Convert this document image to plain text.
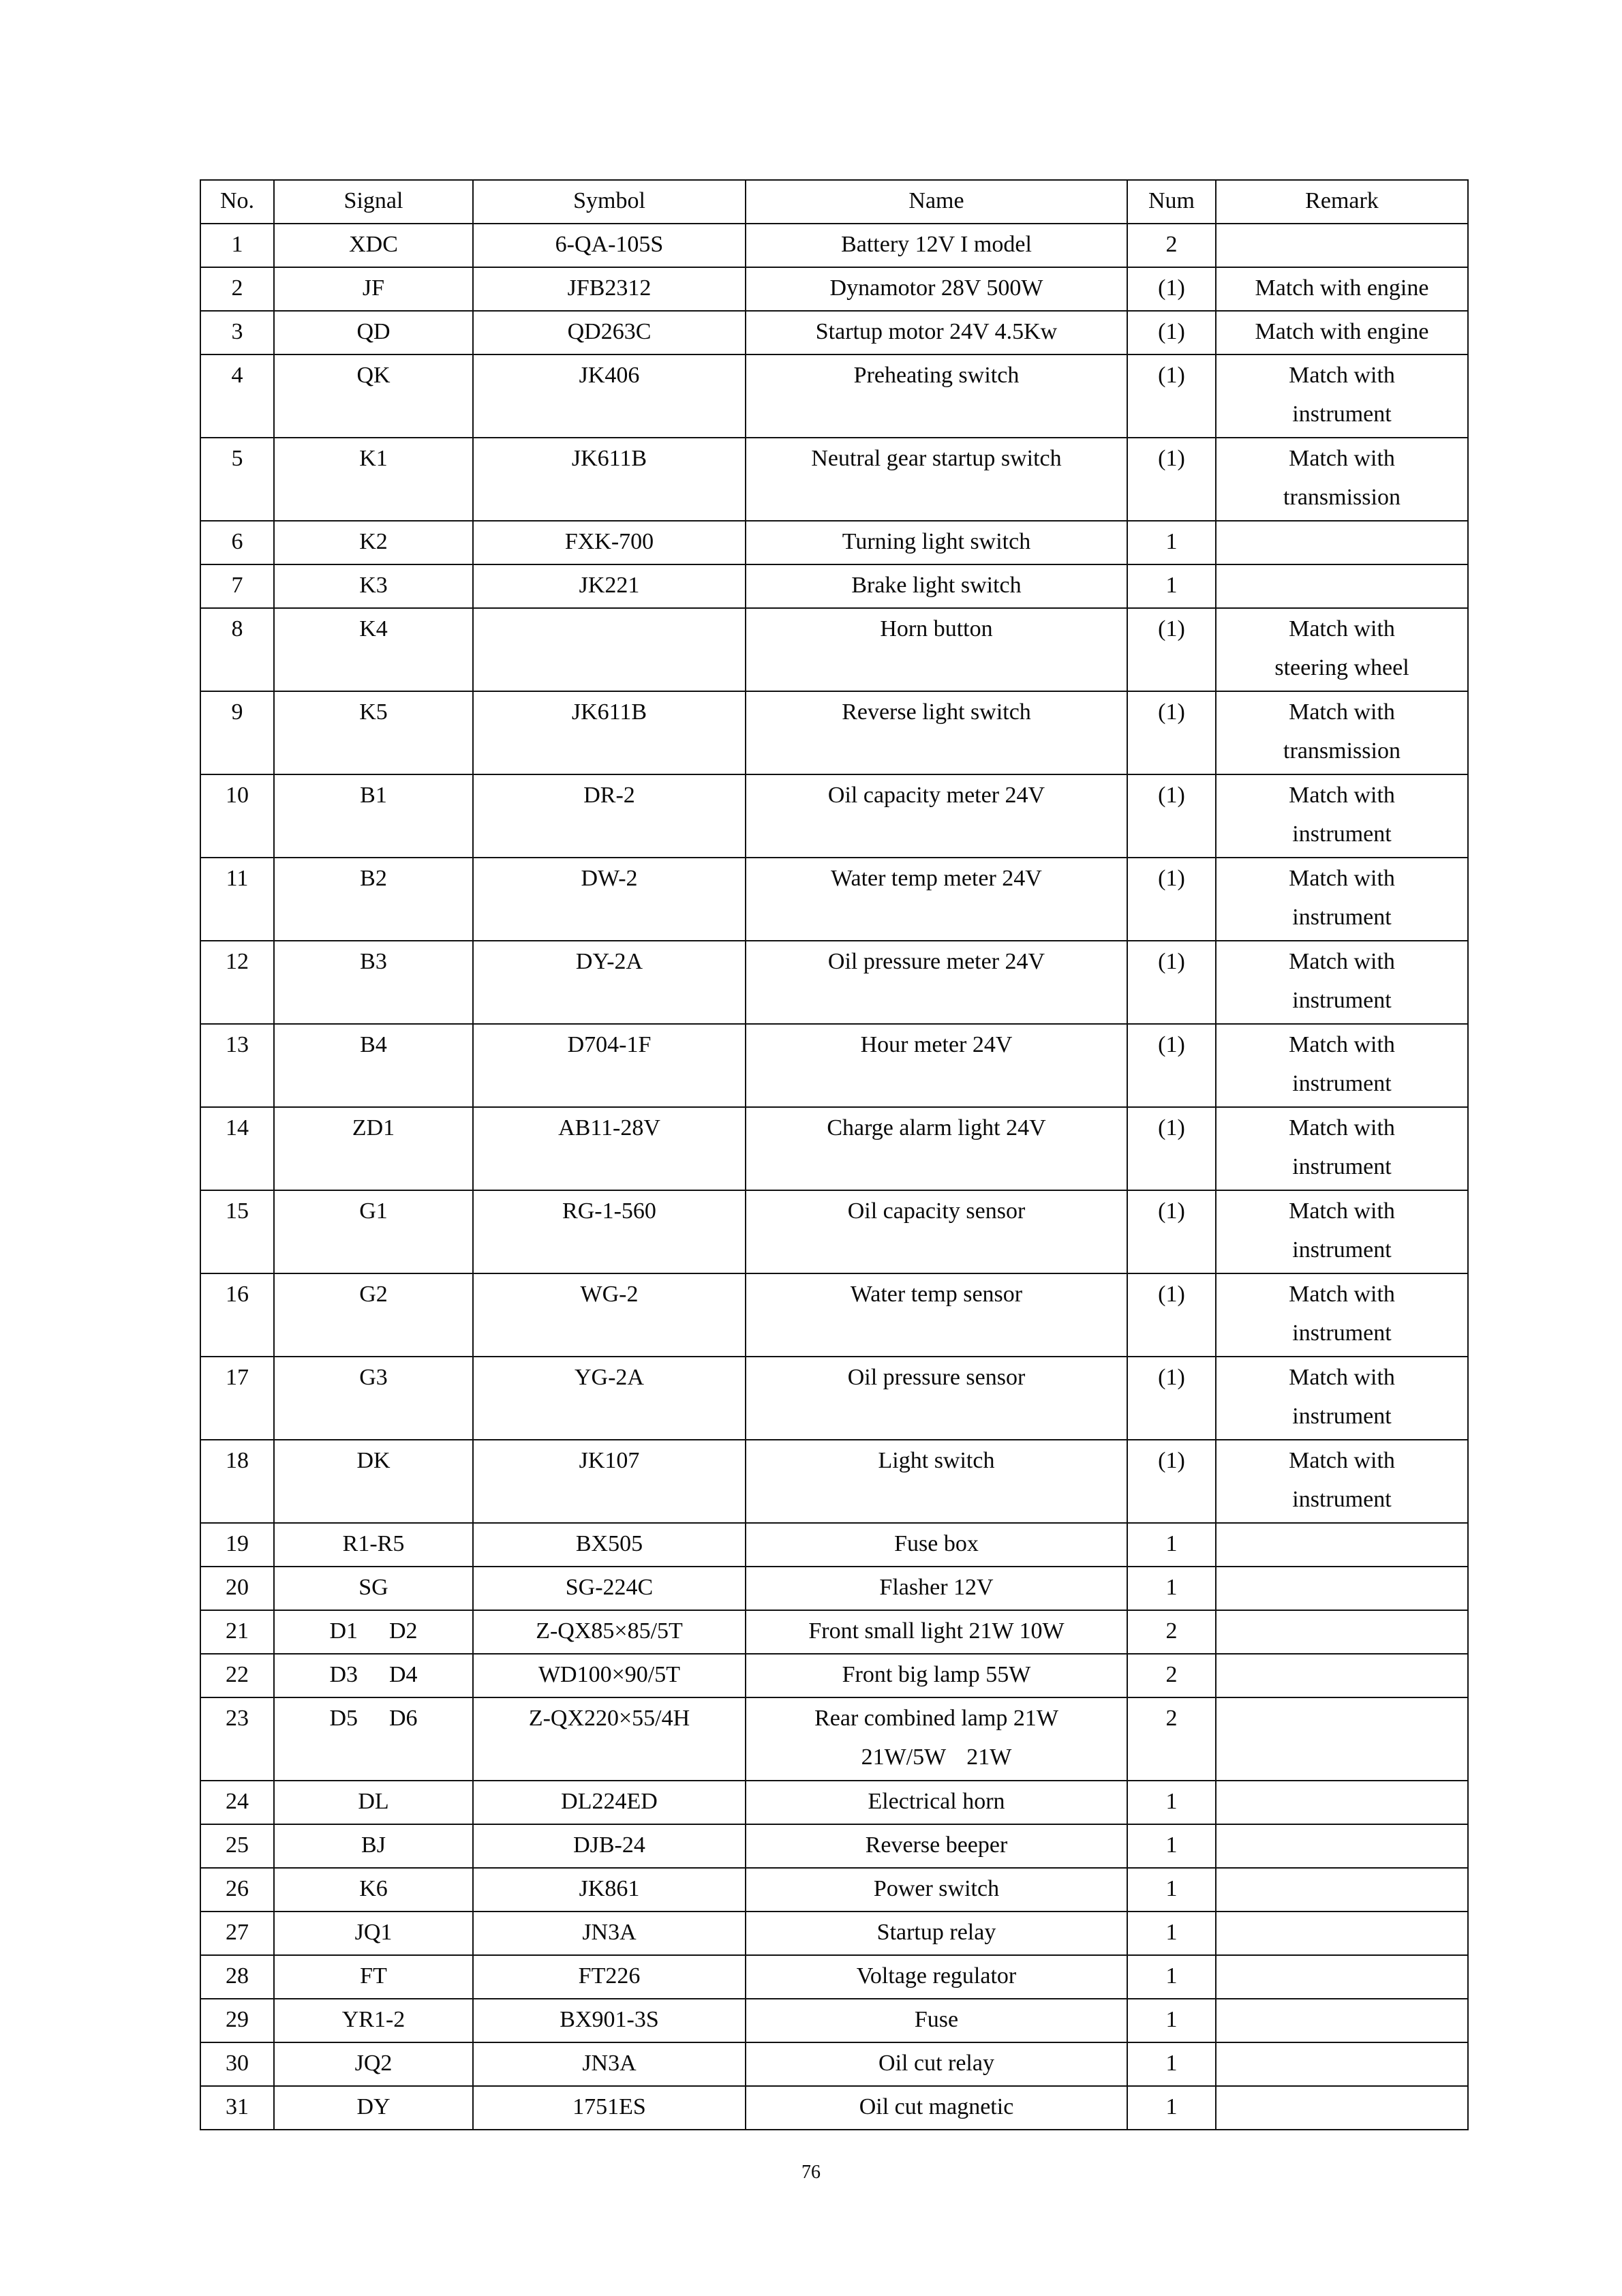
No.	Signal	Symbol	Name	Num	Remark

1	XDC	6-QA-105S	Battery 12V I model	2	

2	JF	JFB2312	Dynamotor 28V 500W	(1)	Match with engine

3	QD	QD263C	Startup motor 24V 4.5Kw	(1)	Match with engine

4	QK	JK406	Preheating switch	(1)	Match with
instrument

5	K1	JK611B	Neutral gear startup switch	(1)	Match with
transmission

6	K2	FXK-700	Turning light switch	1	

7	K3	JK221	Brake light switch	1	

8	K4		Horn button	(1)	Match with
steering wheel

9	K5	JK611B	Reverse light switch	(1)	Match with
transmission

10	B1	DR-2	Oil capacity meter 24V	(1)	Match with
instrument

11	B2	DW-2	Water temp meter 24V	(1)	Match with
instrument

12	B3	DY-2A	Oil pressure meter 24V	(1)	Match with
instrument

13	B4	D704-1F	Hour meter 24V	(1)	Match with
instrument

14	ZD1	AB11-28V	Charge alarm light 24V	(1)	Match with
instrument

15	G1	RG-1-560	Oil capacity sensor	(1)	Match with
instrument

16	G2	WG-2	Water temp sensor	(1)	Match with
instrument

17	G3	YG-2A	Oil pressure sensor	(1)	Match with
instrument

18	DK	JK107	Light switch	(1)	Match with
instrument

19	R1-R5	BX505	Fuse box	1	

20	SG	SG-224C	Flasher 12V	1	

21	D1 D2	Z-QX85×85/5T	Front small light 21W 10W	2	

22	D3 D4	WD100×90/5T	Front big lamp 55W	2	

23	D5 D6	Z-QX220×55/4H	Rear combined lamp 21W
21W/5W 21W	2	

24	DL	DL224ED	Electrical horn	1	

25	BJ	DJB-24	Reverse beeper	1	

26	K6	JK861	Power switch	1	

27	JQ1	JN3A	Startup relay	1	

28	FT	FT226	Voltage regulator	1	

29	YR1-2	BX901-3S	Fuse	1	

30	JQ2	JN3A	Oil cut relay	1	

31	DY	1751ES	Oil cut magnetic	1	

76
